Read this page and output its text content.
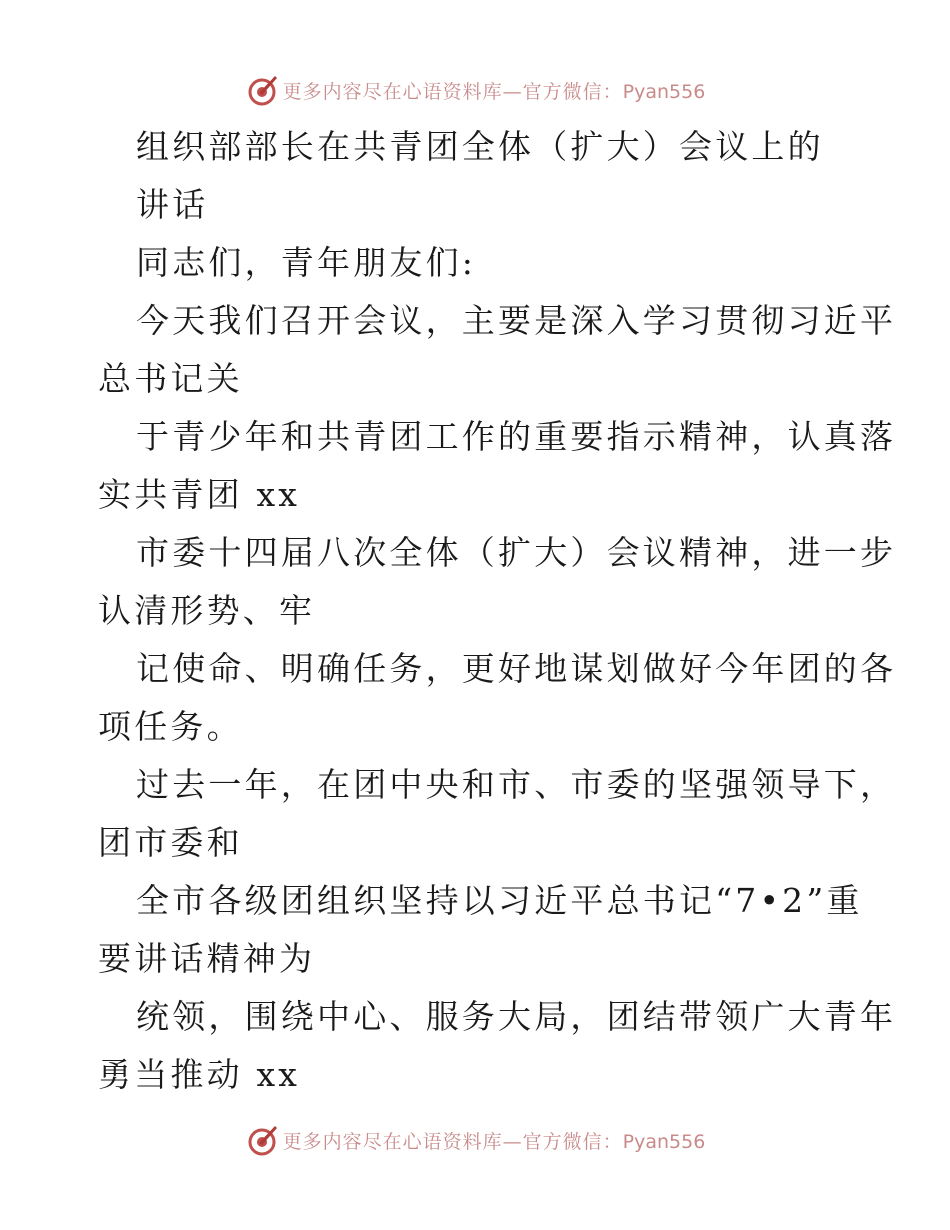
更多内容尽在心语资料库—官方微信：Pyan556
组织部部长在共青团全体（扩大）会议上的
讲话
同志们，青年朋友们:
今天我们召开会议，主要是深入学习贯彻习近平
总书记关
于青少年和共青团工作的重要指示精神，认真落
实共青团 xx
市委十四届八次全体（扩大）会议精神，进一步
认清形势、牢
记使命、明确任务，更好地谋划做好今年团的各
项任务。
过去一年，在团中央和市、市委的坚强领导下，
团市委和
全市各级团组织坚持以习近平总书记“7•2”重
要讲话精神为
统领，围绕中心、服务大局，团结带领广大青年
勇当推动 xx
更多内容尽在心语资料库—官方微信：Pyan556
